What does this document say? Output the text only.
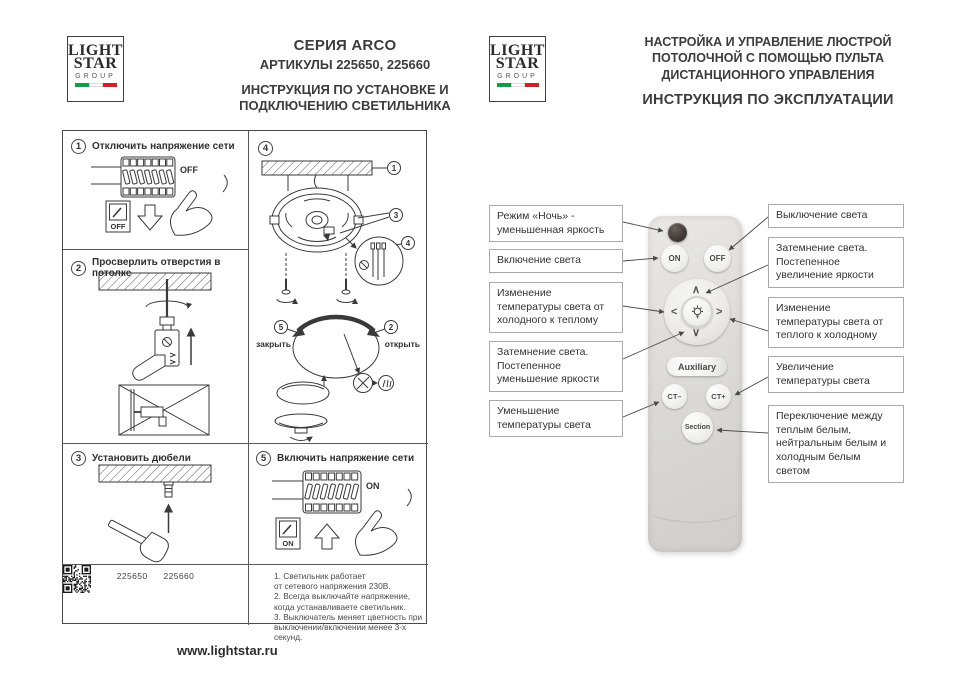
LIGHT
STAR
GROUP
СЕРИЯ ARCO
АРТИКУЛЫ 225650, 225660
ИНСТРУКЦИЯ ПО УСТАНОВКЕ И
ПОДКЛЮЧЕНИЮ СВЕТИЛЬНИКА
LIGHT
STAR
GROUP
НАСТРОЙКА И УПРАВЛЕНИЕ ЛЮСТРОЙ
ПОТОЛОЧНОЙ С ПОМОЩЬЮ ПУЛЬТА
ДИСТАНЦИОННОГО УПРАВЛЕНИЯ
ИНСТРУКЦИЯ ПО ЭКСПЛУАТАЦИИ
1	Отключить напряжение сети
OFF
OFF
2	Просверлить отверстия в потолке
3	Установить дюбели
225650 225660
4
1
3
4
5	2
закрыть	открыть
5	Включить напряжение сети
ON
ON
1. Светильник работает
от сетевого напряжения 230В.
2. Всегда выключайте напряжение,
когда устанавливаете светильник.
3. Выключатель меняет цветность при
выключении/включении менее 3-х секунд.
ON	OFF
∧
∨
<	>
Auxiliary
CT–	CT+
Section
Режим «Ночь» - уменьшенная яркость
Включение света
Изменение температуры света от холодного к теплому
Затемнение света. Постепенное уменьшение яркости
Уменьшение температуры света
Выключение света
Затемнение света. Постепенное увеличение яркости
Изменение температуры света от теплого к холодному
Увеличение температуры света
Переключение между теплым белым, нейтральным белым и холодным белым светом
www.lightstar.ru
